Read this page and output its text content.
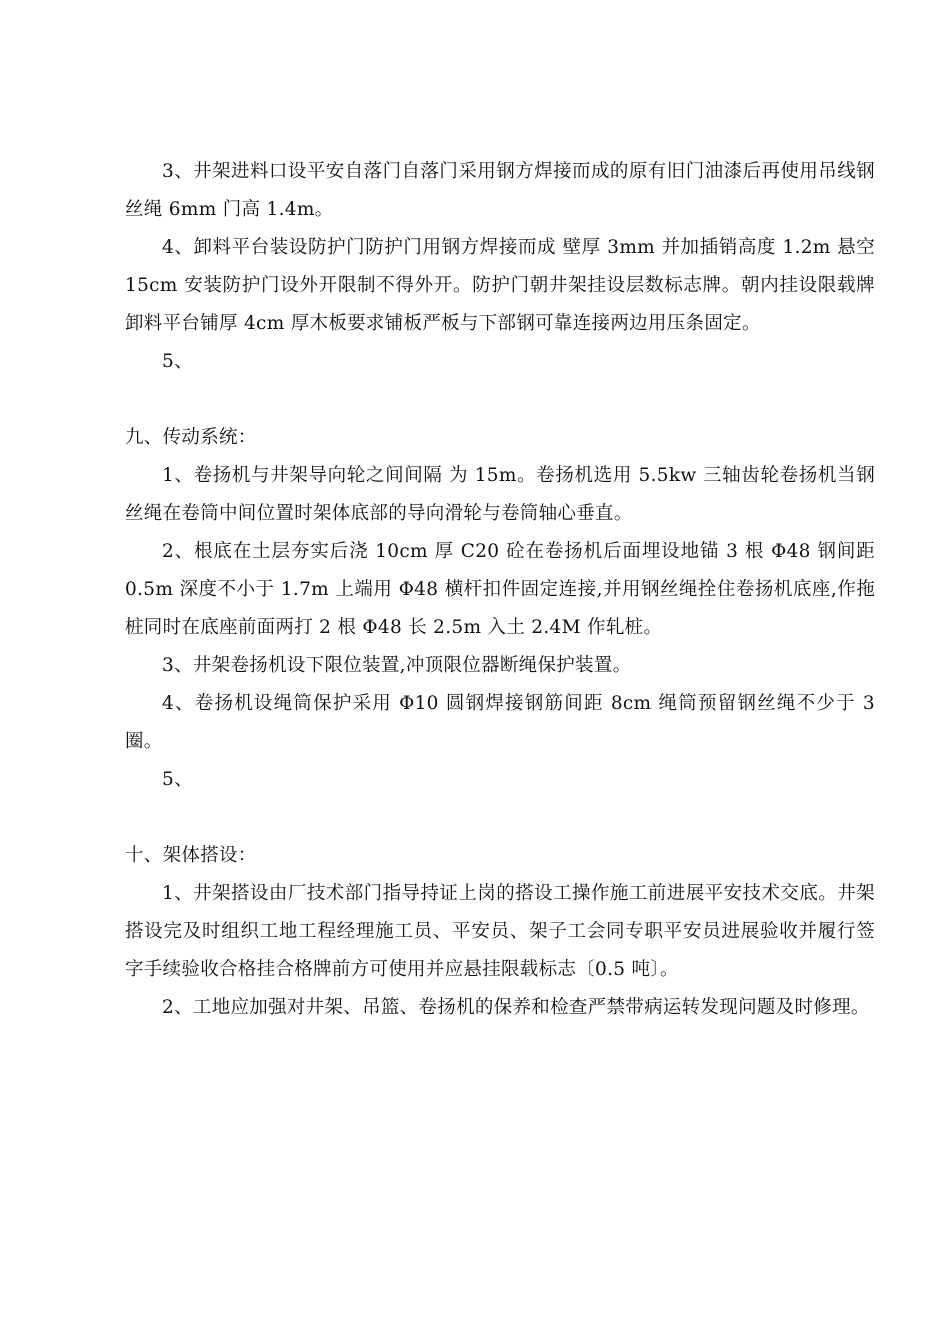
3、井架进料口设平安自落门自落门采用钢方焊接而成的原有旧门油漆后再使用吊线钢丝绳 6mm 门高 1.4m。

4、卸料平台装设防护门防护门用钢方焊接而成 壁厚 3mm 并加插销高度 1.2m 悬空 15cm 安装防护门设外开限制不得外开。防护门朝井架挂设层数标志牌。朝内挂设限载牌卸料平台铺厚 4cm 厚木板要求铺板严板与下部钢可靠连接两边用压条固定。

5、

九、传动系统：

1、卷扬机与井架导向轮之间间隔 为 15m。卷扬机选用 5.5kw 三轴齿轮卷扬机当钢丝绳在卷筒中间位置时架体底部的导向滑轮与卷筒轴心垂直。

2、根底在土层夯实后浇 10cm 厚 C20 砼在卷扬机后面埋设地锚 3 根 Φ48 钢间距 0.5m 深度不小于 1.7m 上端用 Φ48 横杆扣件固定连接,并用钢丝绳拴住卷扬机底座,作拖桩同时在底座前面两打 2 根 Φ48 长 2.5m 入土 2.4M 作轧桩。

3、井架卷扬机设下限位装置,冲顶限位器断绳保护装置。

4、卷扬机设绳筒保护采用 Φ10 圆钢焊接钢筋间距 8cm 绳筒预留钢丝绳不少于 3 圈。

5、

十、架体搭设：

1、井架搭设由厂技术部门指导持证上岗的搭设工操作施工前进展平安技术交底。井架搭设完及时组织工地工程经理施工员、平安员、架子工会同专职平安员进展验收并履行签字手续验收合格挂合格牌前方可使用并应悬挂限载标志〔0.5 吨〕。

2、工地应加强对井架、吊篮、卷扬机的保养和检查严禁带病运转发现问题及时修理。
